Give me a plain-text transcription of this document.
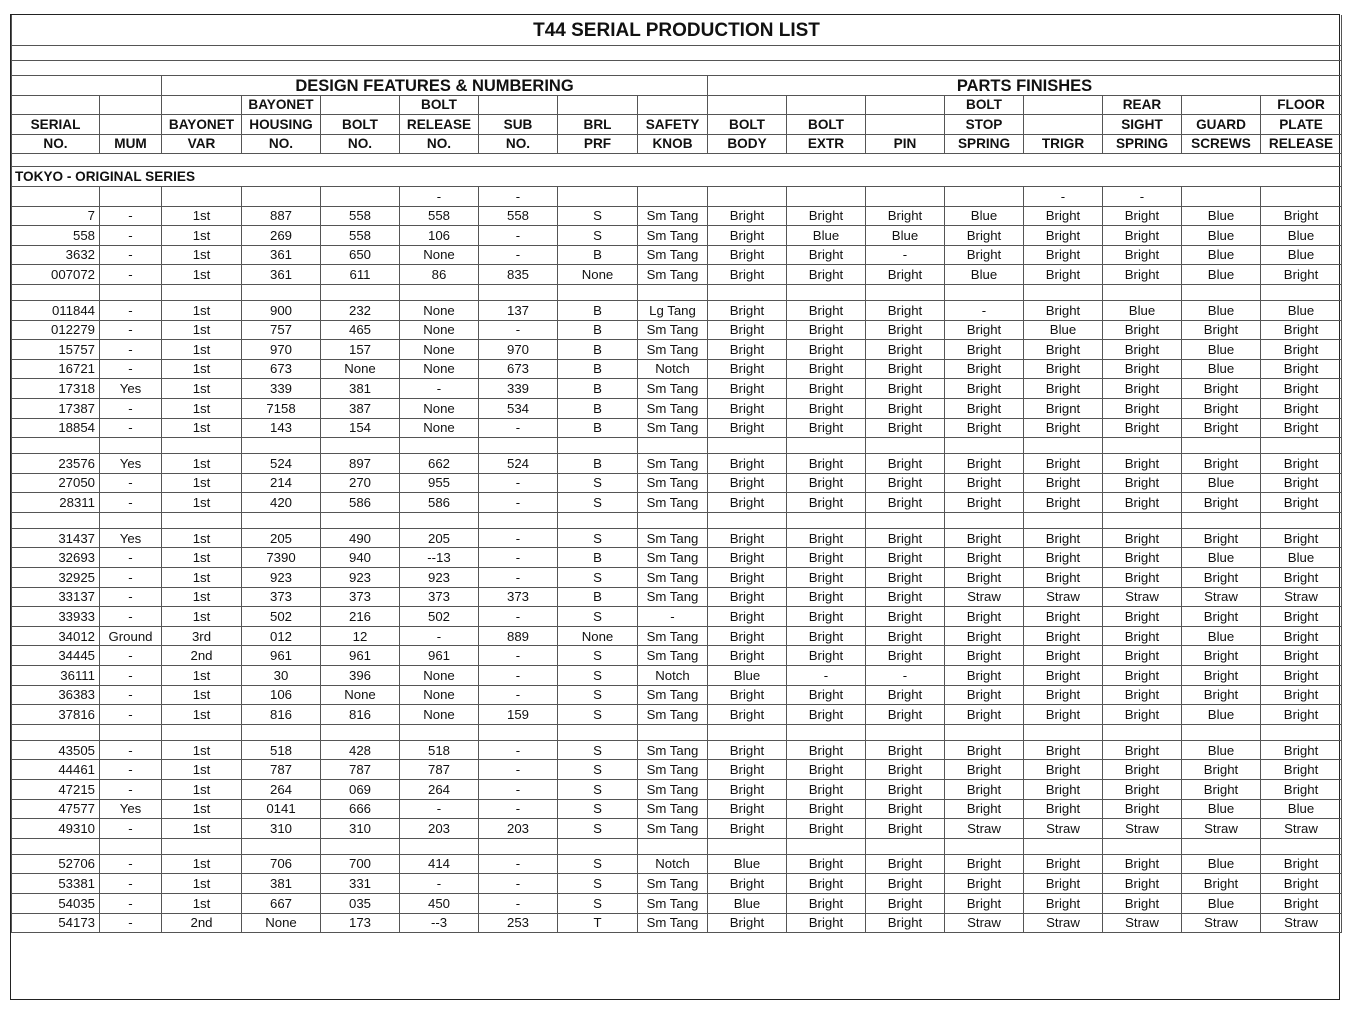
T44 SERIAL PRODUCTION LIST																

		DESIGN FEATURES & NUMBERING							PARTS FINISHES							
			BAYONET		BOLT							BOLT		REAR		FLOOR
SERIAL		BAYONET	HOUSING	BOLT	RELEASE	SUB	BRL	SAFETY	BOLT	BOLT		STOP		SIGHT	GUARD	PLATE
NO.	MUM	VAR	NO.	NO.	NO.	NO.	PRF	KNOB	BODY	EXTR	PIN	SPRING	TRIGR	SPRING	SCREWS	RELEASE

TOKYO - ORIGINAL SERIES																
					-	-							-	-		
7	-	1st	887	558	558	558	S	Sm Tang	Bright	Bright	Bright	Blue	Bright	Bright	Blue	Bright
558	-	1st	269	558	106	-	S	Sm Tang	Bright	Blue	Blue	Bright	Bright	Bright	Blue	Blue
3632	-	1st	361	650	None	-	B	Sm Tang	Bright	Bright	-	Bright	Bright	Bright	Blue	Blue
007072	-	1st	361	611	86	835	None	Sm Tang	Bright	Bright	Bright	Blue	Bright	Bright	Blue	Bright

011844	-	1st	900	232	None	137	B	Lg Tang	Bright	Bright	Bright	-	Bright	Blue	Blue	Blue
012279	-	1st	757	465	None	-	B	Sm Tang	Bright	Bright	Bright	Bright	Blue	Bright	Bright	Bright
15757	-	1st	970	157	None	970	B	Sm Tang	Bright	Bright	Bright	Bright	Bright	Bright	Blue	Bright
16721	-	1st	673	None	None	673	B	Notch	Bright	Bright	Bright	Bright	Bright	Bright	Blue	Bright
17318	Yes	1st	339	381	-	339	B	Sm Tang	Bright	Bright	Bright	Bright	Bright	Bright	Bright	Bright
17387	-	1st	7158	387	None	534	B	Sm Tang	Bright	Bright	Bright	Bright	Brignt	Bright	Bright	Bright
18854	-	1st	143	154	None	-	B	Sm Tang	Bright	Bright	Bright	Bright	Bright	Bright	Bright	Bright

23576	Yes	1st	524	897	662	524	B	Sm Tang	Bright	Bright	Bright	Bright	Bright	Bright	Bright	Bright
27050	-	1st	214	270	955	-	S	Sm Tang	Bright	Bright	Bright	Bright	Bright	Bright	Blue	Bright
28311	-	1st	420	586	586	-	S	Sm Tang	Bright	Bright	Bright	Bright	Bright	Bright	Bright	Bright

31437	Yes	1st	205	490	205	-	S	Sm Tang	Bright	Bright	Bright	Bright	Bright	Bright	Bright	Bright
32693	-	1st	7390	940	--13	-	B	Sm Tang	Bright	Bright	Bright	Bright	Bright	Bright	Blue	Blue
32925	-	1st	923	923	923	-	S	Sm Tang	Bright	Bright	Bright	Bright	Bright	Bright	Bright	Bright
33137	-	1st	373	373	373	373	B	Sm Tang	Bright	Bright	Bright	Straw	Straw	Straw	Straw	Straw
33933	-	1st	502	216	502	-	S	-	Bright	Bright	Bright	Bright	Bright	Bright	Bright	Bright
34012	Ground	3rd	012	12	-	889	None	Sm Tang	Bright	Bright	Bright	Bright	Bright	Bright	Blue	Bright
34445	-	2nd	961	961	961	-	S	Sm Tang	Bright	Bright	Bright	Bright	Bright	Bright	Bright	Bright
36111	-	1st	30	396	None	-	S	Notch	Blue	-	-	Bright	Bright	Bright	Bright	Bright
36383	-	1st	106	None	None	-	S	Sm Tang	Bright	Bright	Bright	Bright	Bright	Bright	Bright	Bright
37816	-	1st	816	816	None	159	S	Sm Tang	Bright	Bright	Bright	Bright	Bright	Bright	Blue	Bright

43505	-	1st	518	428	518	-	S	Sm Tang	Bright	Bright	Bright	Bright	Bright	Bright	Blue	Bright
44461	-	1st	787	787	787	-	S	Sm Tang	Bright	Bright	Bright	Bright	Bright	Bright	Bright	Bright
47215	-	1st	264	069	264	-	S	Sm Tang	Bright	Bright	Bright	Bright	Bright	Bright	Bright	Bright
47577	Yes	1st	0141	666	-	-	S	Sm Tang	Bright	Bright	Bright	Bright	Bright	Bright	Blue	Blue
49310	-	1st	310	310	203	203	S	Sm Tang	Bright	Bright	Bright	Straw	Straw	Straw	Straw	Straw

52706	-	1st	706	700	414	-	S	Notch	Blue	Bright	Bright	Bright	Bright	Bright	Blue	Bright
53381	-	1st	381	331	-	-	S	Sm Tang	Bright	Bright	Bright	Bright	Bright	Bright	Bright	Bright
54035	-	1st	667	035	450	-	S	Sm Tang	Blue	Bright	Bright	Bright	Bright	Bright	Blue	Bright
54173	-	2nd	None	173	--3	253	T	Sm Tang	Bright	Bright	Bright	Straw	Straw	Straw	Straw	Straw
